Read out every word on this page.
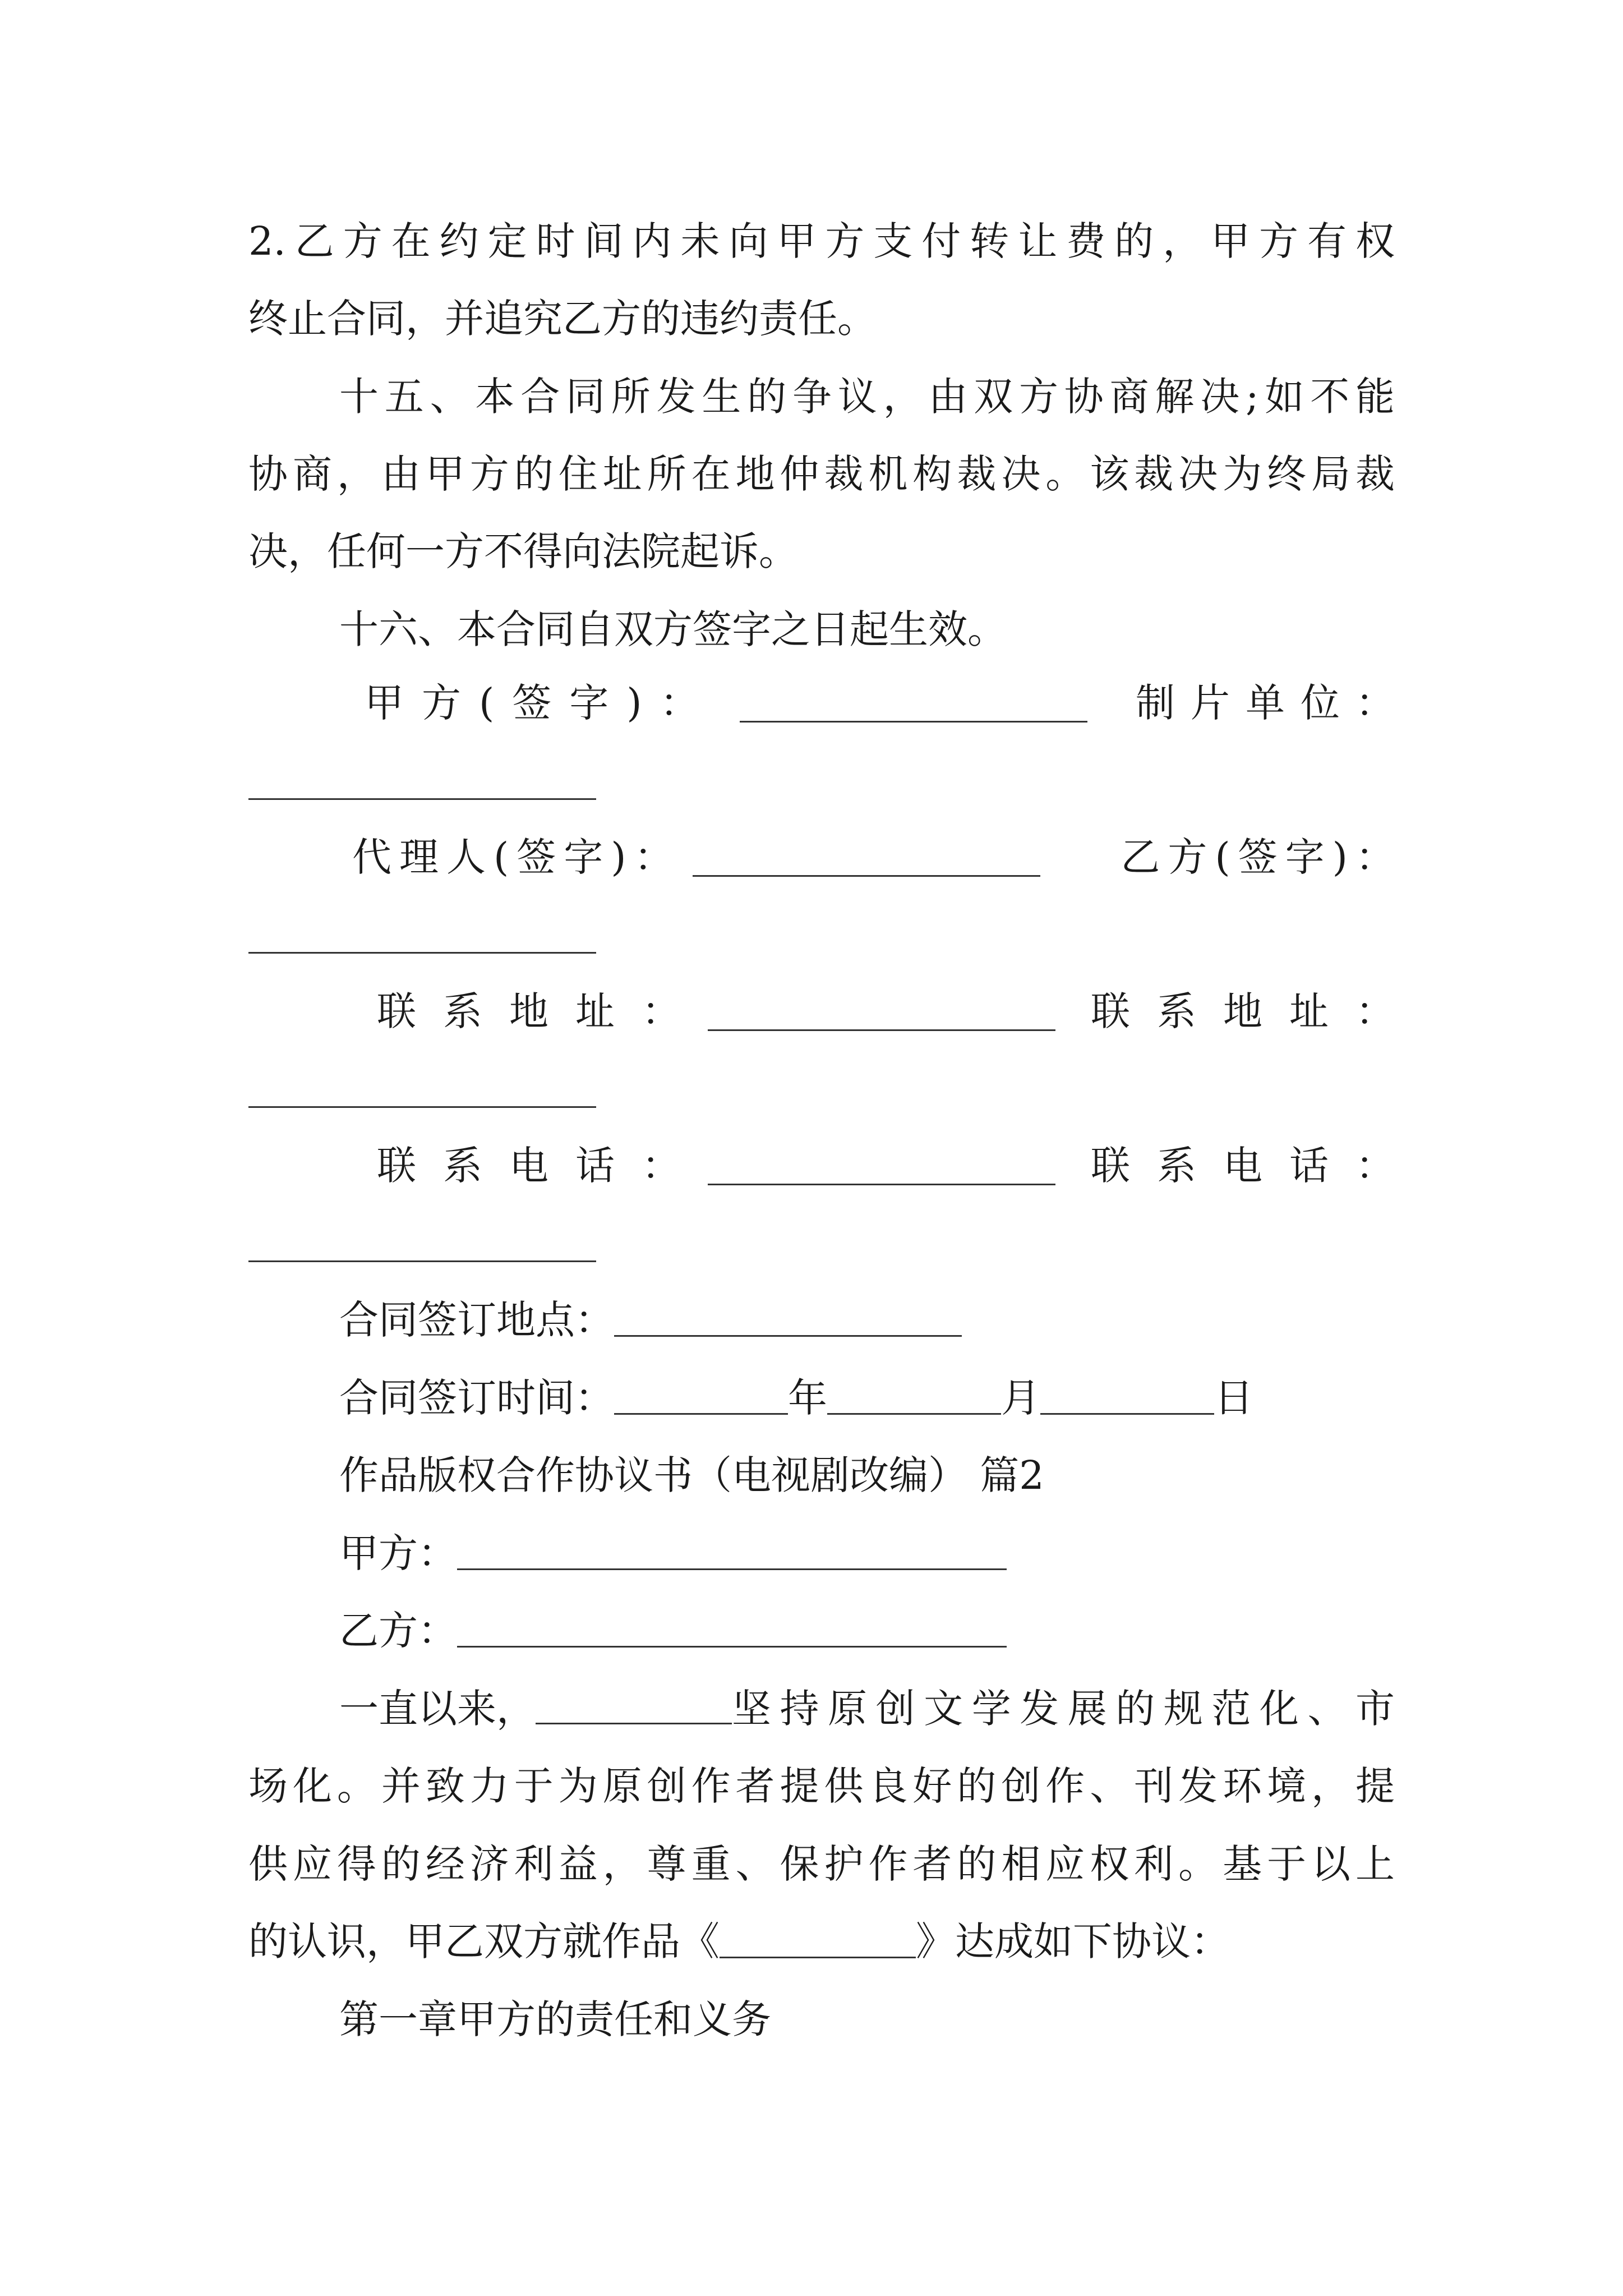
2.乙方在约定时间内未向甲方支付转让费的，甲方有权

终止合同，并追究乙方的违约责任。

十五、本合同所发生的争议，由双方协商解决;如不能

协商，由甲方的住址所在地仲裁机构裁决。该裁决为终局裁

决，任何一方不得向法院起诉。

十六、本合同自双方签字之日起生效。

甲方(签字)：	制片单位：
代理人(签字)：	乙方(签字)：
联系地址：	联系地址：
联系电话：	联系电话：

合同签订地点：

合同签订时间：	年	月	日

作品版权合作协议书（电视剧改编） 篇2

甲方：

乙方：

一直以来，	坚持原创文学发展的规范化、市

场化。并致力于为原创作者提供良好的创作、刊发环境，提

供应得的经济利益，尊重、保护作者的相应权利。基于以上

的认识，甲乙双方就作品《	》达成如下协议：

第一章甲方的责任和义务
